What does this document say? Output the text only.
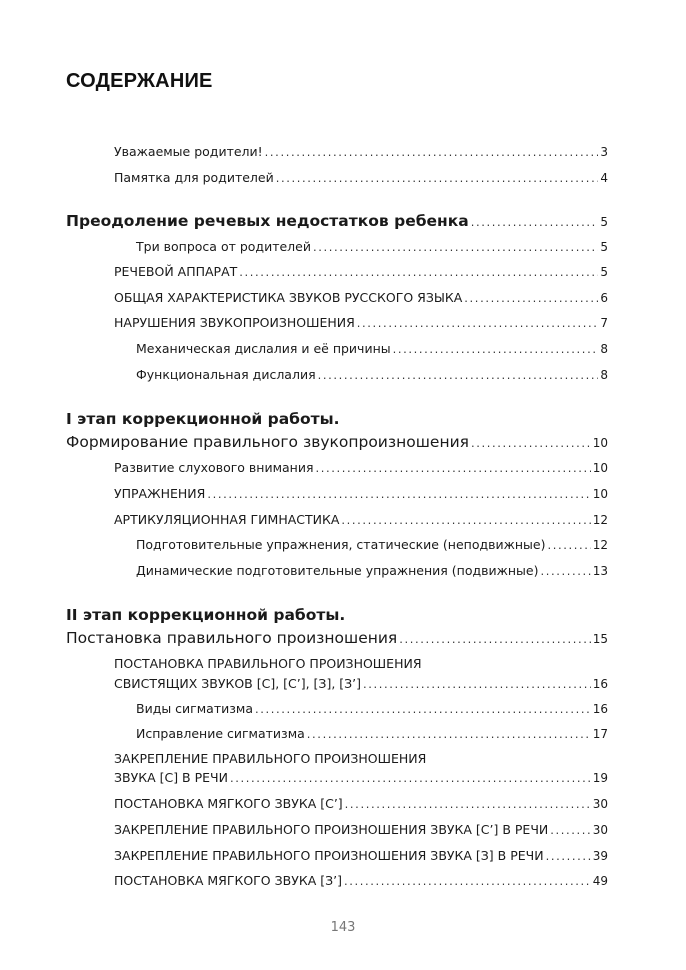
СОДЕРЖАНИЕ
Уважаемые родители! .....	3
Памятка для родителей .....	4
Преодоление речевых недостатков ребенка .....	5
Три вопроса от родителей .....	5
РЕЧЕВОЙ АППАРАТ .....	5
ОБЩАЯ ХАРАКТЕРИСТИКА ЗВУКОВ РУССКОГО ЯЗЫКА .....	6
НАРУШЕНИЯ ЗВУКОПРОИЗНОШЕНИЯ .....	7
Механическая дислалия и её причины .....	8
Функциональная дислалия .....	8
I этап коррекционной работы.
Формирование правильного звукопроизношения .....	10
Развитие слухового внимания .....	10
УПРАЖНЕНИЯ .....	10
АРТИКУЛЯЦИОННАЯ ГИМНАСТИКА .....	12
Подготовительные упражнения, статические (неподвижные) .....	12
Динамические подготовительные упражнения (подвижные) .....	13
II этап коррекционной работы.
Постановка правильного произношения .....	15
ПОСТАНОВКА ПРАВИЛЬНОГО ПРОИЗНОШЕНИЯ
СВИСТЯЩИХ ЗВУКОВ [С], [С’], [З], [З’] .....	16
Виды сигматизма .....	16
Исправление сигматизма .....	17
ЗАКРЕПЛЕНИЕ ПРАВИЛЬНОГО ПРОИЗНОШЕНИЯ
ЗВУКА [С] В РЕЧИ .....	19
ПОСТАНОВКА МЯГКОГО ЗВУКА [С’] .....	30
ЗАКРЕПЛЕНИЕ ПРАВИЛЬНОГО ПРОИЗНОШЕНИЯ ЗВУКА [С’] В РЕЧИ .....	30
ЗАКРЕПЛЕНИЕ ПРАВИЛЬНОГО ПРОИЗНОШЕНИЯ ЗВУКА [З] В РЕЧИ .....	39
ПОСТАНОВКА МЯГКОГО ЗВУКА [З’] .....	49
143
